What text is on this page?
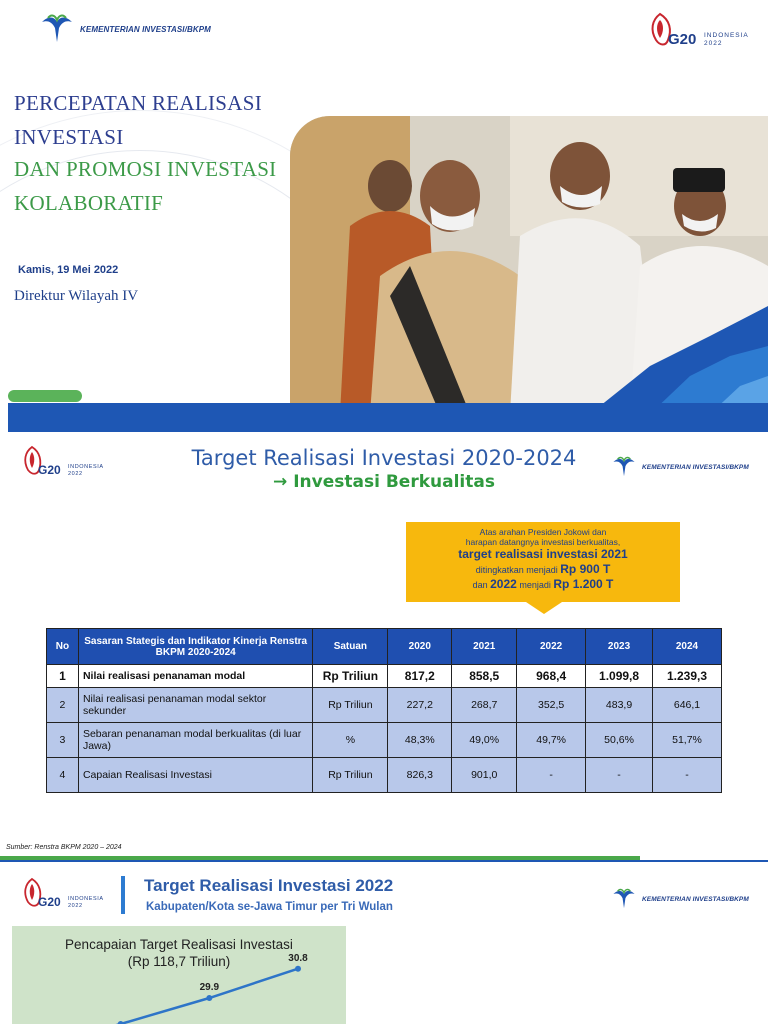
KEMENTERIAN INVESTASI/BKPM
G20 INDONESIA
2022
PERCEPATAN REALISASI
INVESTASI
DAN PROMOSI INVESTASI
KOLABORATIF
Kamis, 19 Mei 2022
Direktur Wilayah IV
G20 INDONESIA
2022
Target Realisasi Investasi 2020-2024
→ Investasi Berkualitas
KEMENTERIAN INVESTASI/BKPM
Atas arahan Presiden Jokowi dan
harapan datangnya investasi berkualitas,
target realisasi investasi 2021
ditingkatkan menjadi Rp 900 T
dan 2022 menjadi Rp 1.200 T
No	Sasaran Stategis dan Indikator Kinerja Renstra BKPM 2020-2024	Satuan	2020	2021	2022	2023	2024
1	Nilai realisasi penanaman modal	Rp Triliun	817,2	858,5	968,4	1.099,8	1.239,3
2	Nilai realisasi penanaman modal sektor sekunder	Rp Triliun	227,2	268,7	352,5	483,9	646,1
3	Sebaran penanaman modal berkualitas (di luar Jawa)	%	48,3%	49,0%	49,7%	50,6%	51,7%
4	Capaian Realisasi Investasi	Rp Triliun	826,3	901,0	-	-	-
Sumber: Renstra BKPM 2020 – 2024
G20 INDONESIA
2022
Target Realisasi Investasi 2022
Kabupaten/Kota se-Jawa Timur per Tri Wulan
KEMENTERIAN INVESTASI/BKPM
Pencapaian Target Realisasi Investasi
(Rp 118,7 Triliun)
29.9
30.8
